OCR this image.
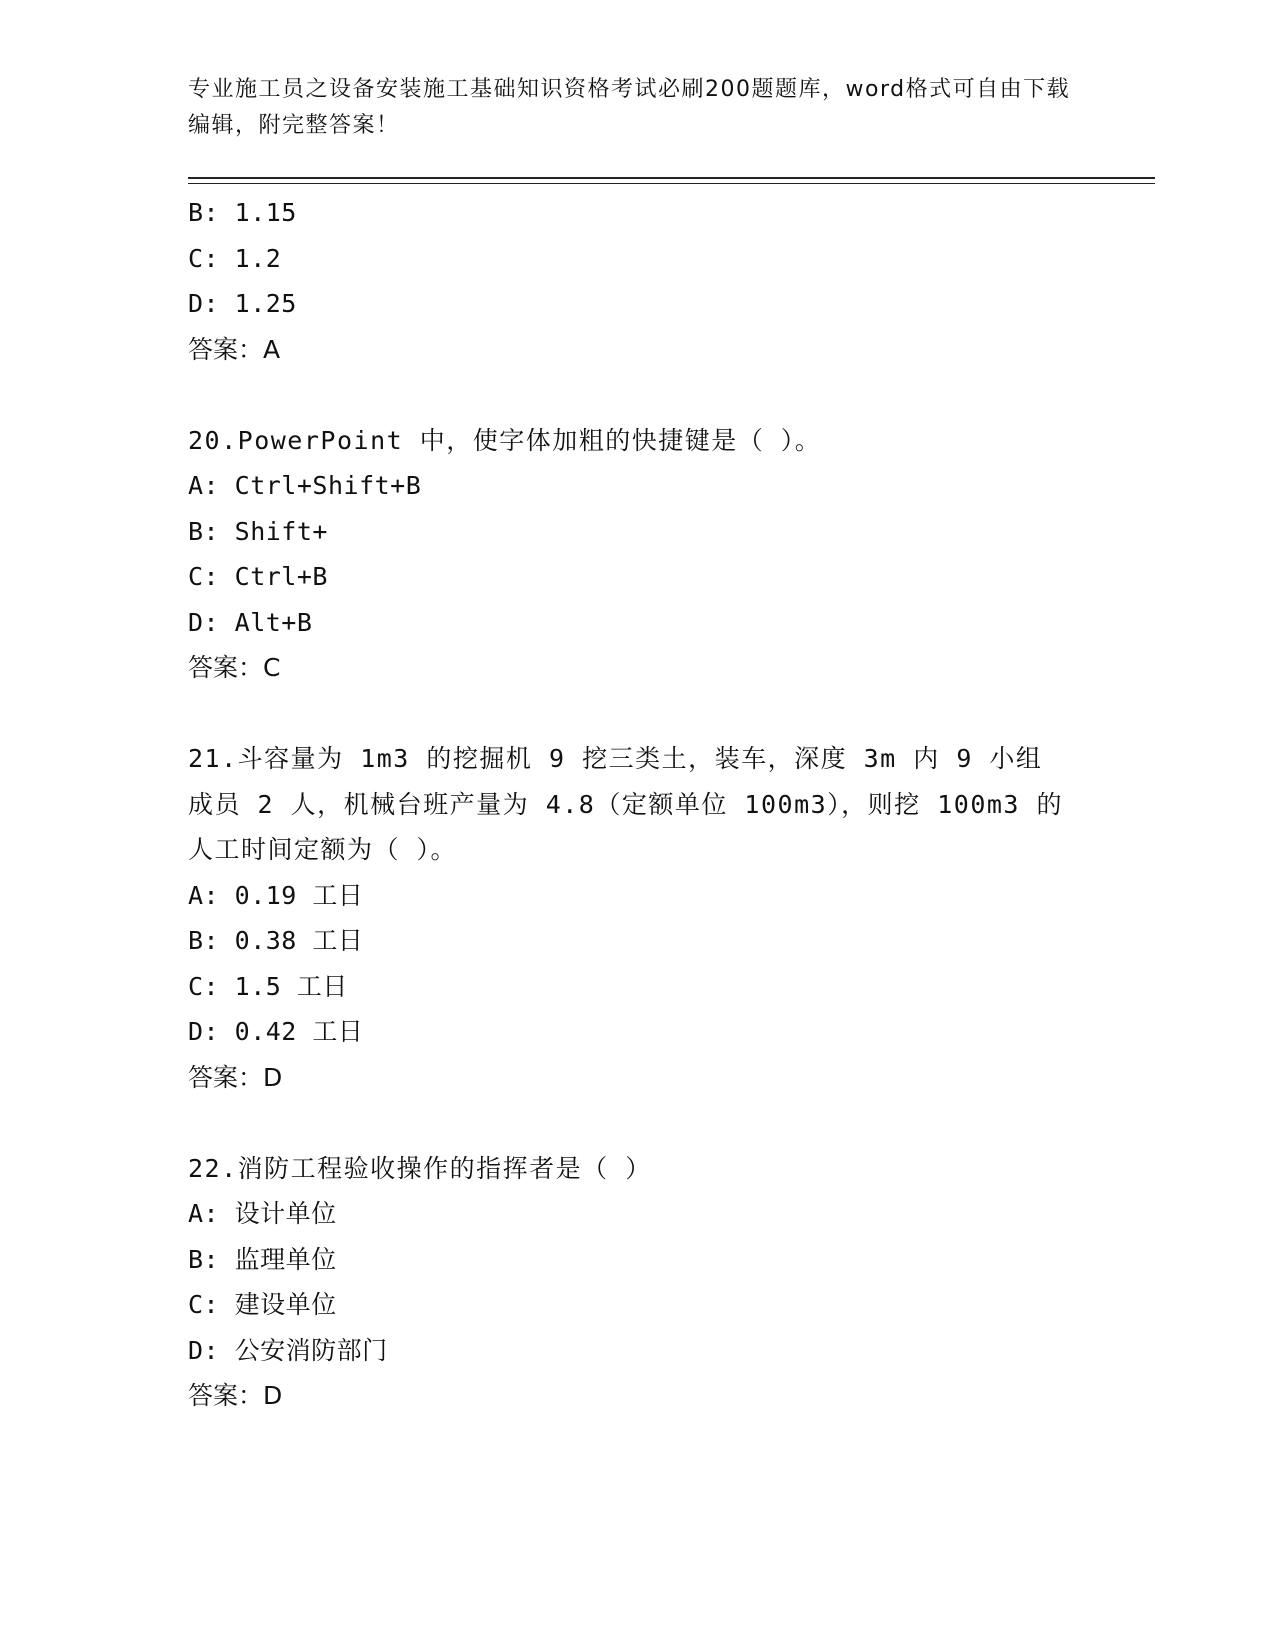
专业施工员之设备安装施工基础知识资格考试必刷200题题库，word格式可自由下载编辑，附完整答案！
B: 1.15
C: 1.2
D: 1.25
答案：A
20.PowerPoint 中，使字体加粗的快捷键是（ ）。
A: Ctrl+Shift+B
B: Shift+
C: Ctrl+B
D: Alt+B
答案：C
21.斗容量为 1m3 的挖掘机 9 挖三类土，装车，深度 3m 内 9 小组成员 2 人，机械台班产量为 4.8（定额单位 100m3），则挖 100m3 的人工时间定额为（ ）。
A: 0.19 工日
B: 0.38 工日
C: 1.5 工日
D: 0.42 工日
答案：D
22.消防工程验收操作的指挥者是（ ）
A: 设计单位
B: 监理单位
C: 建设单位
D: 公安消防部门
答案：D
